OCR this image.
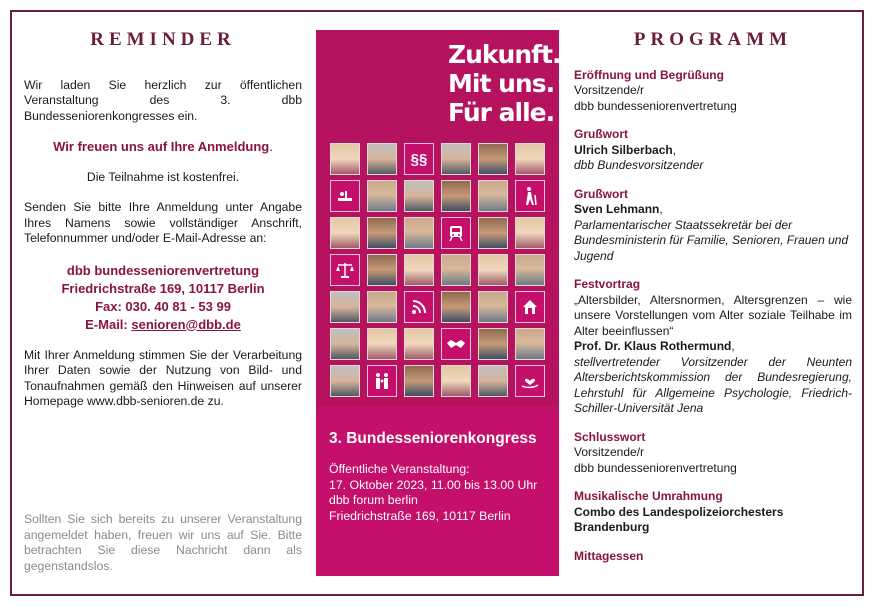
REMINDER

Wir laden Sie herzlich zur öffentlichen Veranstaltung des 3. dbb Bundesseniorenkongresses ein.

Wir freuen uns auf Ihre Anmeldung.

Die Teilnahme ist kostenfrei.

Senden Sie bitte Ihre Anmeldung unter Angabe Ihres Namens sowie vollständiger Anschrift, Telefonnummer und/oder E-Mail-Adresse an:

dbb bundesseniorenvertretung
Friedrichstraße 169, 10117 Berlin
Fax: 030. 40 81 - 53 99
E-Mail: senioren@dbb.de

Mit Ihrer Anmeldung stimmen Sie der Verarbeitung Ihrer Daten sowie der Nutzung von Bild- und Tonaufnahmen gemäß den Hinweisen auf unserer Homepage www.dbb-senioren.de zu.

Sollten Sie sich bereits zu unserer Veranstaltung angemeldet haben, freuen wir uns auf Sie. Bitte betrachten Sie diese Nachricht dann als gegenstandslos.
Zukunft.
Mit uns.
Für alle.
§§
3. Bundesseniorenkongress
Öffentliche Veranstaltung:
17. Oktober 2023, 11.00 bis 13.00 Uhr
dbb forum berlin
Friedrichstraße 169, 10117 Berlin
PROGRAMM
Eröffnung und Begrüßung
Vorsitzende/r
dbb bundesseniorenvertretung
Grußwort
Ulrich Silberbach,
dbb Bundesvorsitzender
Grußwort
Sven Lehmann,
Parlamentarischer Staatssekretär bei der Bundesministerin für Familie, Senioren, Frauen und Jugend
Festvortrag
„Altersbilder, Altersnormen, Altersgrenzen – wie unsere Vorstellungen vom Alter soziale Teilhabe im Alter beeinflussen“
Prof. Dr. Klaus Rothermund,
stellvertretender Vorsitzender der Neunten Altersberichtskommission der Bundesregierung, Lehrstuhl für Allgemeine Psychologie, Friedrich-Schiller-Universität Jena
Schlusswort
Vorsitzende/r
dbb bundesseniorenvertretung
Musikalische Umrahmung
Combo des Landespolizeiorchesters Brandenburg
Mittagessen
